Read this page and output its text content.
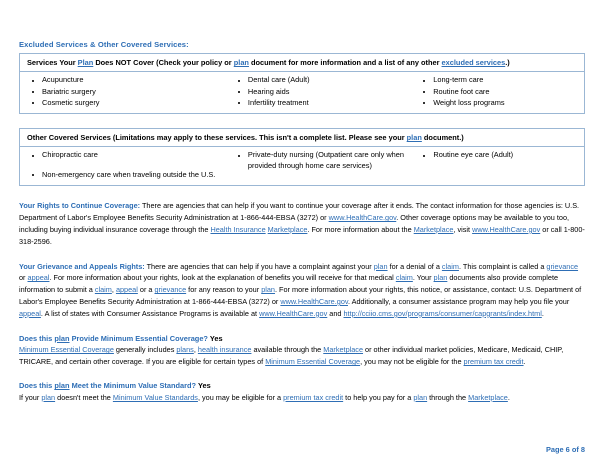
Excluded Services & Other Covered Services:
Services Your Plan Does NOT Cover (Check your policy or plan document for more information and a list of any other excluded services.)

Acupuncture
Bariatric surgery
Cosmetic surgery

Dental care (Adult)
Hearing aids
Infertility treatment

Long-term care
Routine foot care
Weight loss programs
Other Covered Services (Limitations may apply to these services. This isn't a complete list. Please see your plan document.)

Chiropractic care
Non-emergency care when traveling outside the U.S.

Private-duty nursing (Outpatient care only when provided through home care services)

Routine eye care (Adult)

Your Rights to Continue Coverage: There are agencies that can help if you want to continue your coverage after it ends. The contact information for those agencies is: U.S. Department of Labor's Employee Benefits Security Administration at 1-866-444-EBSA (3272) or www.HealthCare.gov. Other coverage options may be available to you too, including buying individual insurance coverage through the Health Insurance Marketplace. For more information about the Marketplace, visit www.HealthCare.gov or call 1-800-318-2596.

Your Grievance and Appeals Rights: There are agencies that can help if you have a complaint against your plan for a denial of a claim. This complaint is called a grievance or appeal. For more information about your rights, look at the explanation of benefits you will receive for that medical claim. Your plan documents also provide complete information to submit a claim, appeal or a grievance for any reason to your plan. For more information about your rights, this notice, or assistance, contact: U.S. Department of Labor's Employee Benefits Security Administration at 1-866-444-EBSA (3272) or www.HealthCare.gov. Additionally, a consumer assistance program may help you file your appeal. A list of states with Consumer Assistance Programs is available at www.HealthCare.gov and http://cciio.cms.gov/programs/consumer/capgrants/index.html.

Does this plan Provide Minimum Essential Coverage? Yes

Minimum Essential Coverage generally includes plans, health insurance available through the Marketplace or other individual market policies, Medicare, Medicaid, CHIP, TRICARE, and certain other coverage. If you are eligible for certain types of Minimum Essential Coverage, you may not be eligible for the premium tax credit.

Does this plan Meet the Minimum Value Standard? Yes

If your plan doesn't meet the Minimum Value Standards, you may be eligible for a premium tax credit to help you pay for a plan through the Marketplace.

Page 6 of 8
